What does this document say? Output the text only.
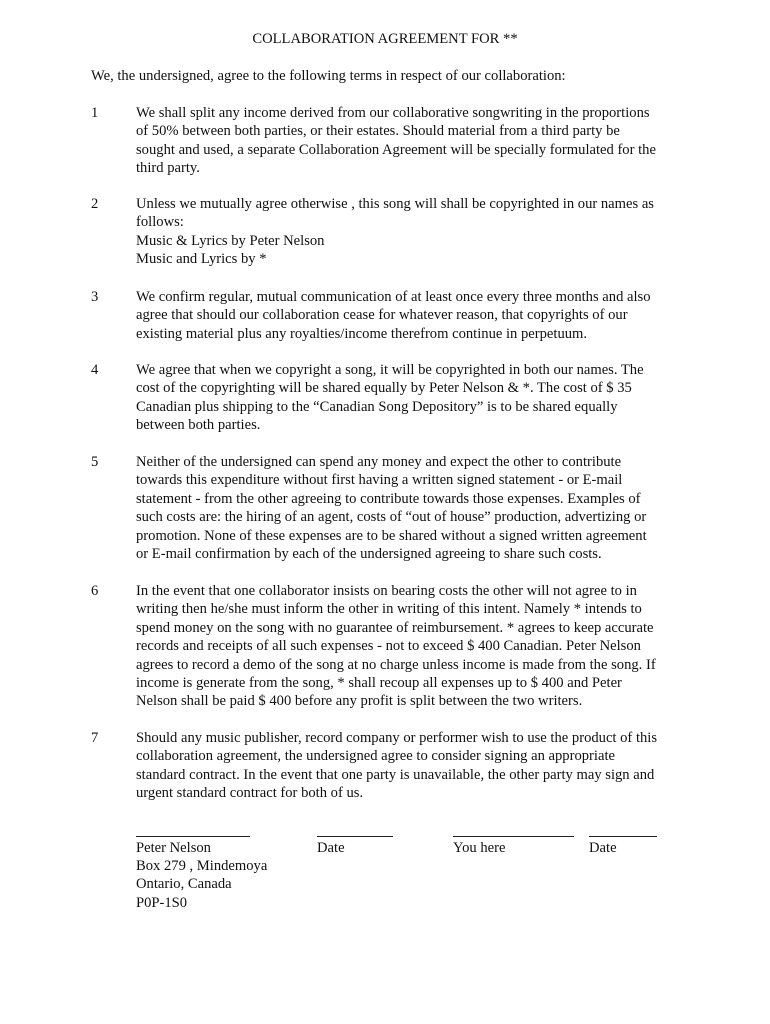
COLLABORATION AGREEMENT FOR **
We, the undersigned, agree to the following terms in respect of our collaboration:
1	We shall split any income derived from our collaborative songwriting in the proportions
of 50% between both parties, or their estates. Should material from a third party be
sought and used, a separate Collaboration Agreement will be specially formulated for the
third party.
2	Unless we mutually agree otherwise , this song will shall be copyrighted in our names as
follows:
Music & Lyrics by Peter Nelson
Music and Lyrics by *
3	We confirm regular, mutual communication of at least once every three months and also
agree that should our collaboration cease for whatever reason, that copyrights of our
existing material plus any royalties/income therefrom continue in perpetuum.
4	We agree that when we copyright a song, it will be copyrighted in both our names. The
cost of the copyrighting will be shared equally by Peter Nelson & *. The cost of $ 35
Canadian plus shipping to the “Canadian Song Depository” is to be shared equally
between both parties.
5	Neither of the undersigned can spend any money and expect the other to contribute
towards this expenditure without first having a written signed statement - or E-mail
statement - from the other agreeing to contribute towards those expenses. Examples of
such costs are: the hiring of an agent, costs of “out of house” production, advertizing or
promotion. None of these expenses are to be shared without a signed written agreement
or E-mail confirmation by each of the undersigned agreeing to share such costs.
6	In the event that one collaborator insists on bearing costs the other will not agree to in
writing then he/she must inform the other in writing of this intent. Namely * intends to
spend money on the song with no guarantee of reimbursement. * agrees to keep accurate
records and receipts of all such expenses - not to exceed $ 400 Canadian. Peter Nelson
agrees to record a demo of the song at no charge unless income is made from the song. If
income is generate from the song, * shall recoup all expenses up to $ 400 and Peter
Nelson shall be paid $ 400 before any profit is split between the two writers.
7	Should any music publisher, record company or performer wish to use the product of this
collaboration agreement, the undersigned agree to consider signing an appropriate
standard contract. In the event that one party is unavailable, the other party may sign and
urgent standard contract for both of us.
Peter Nelson	Date	You here	Date
Box 279 , Mindemoya
Ontario, Canada
P0P-1S0
